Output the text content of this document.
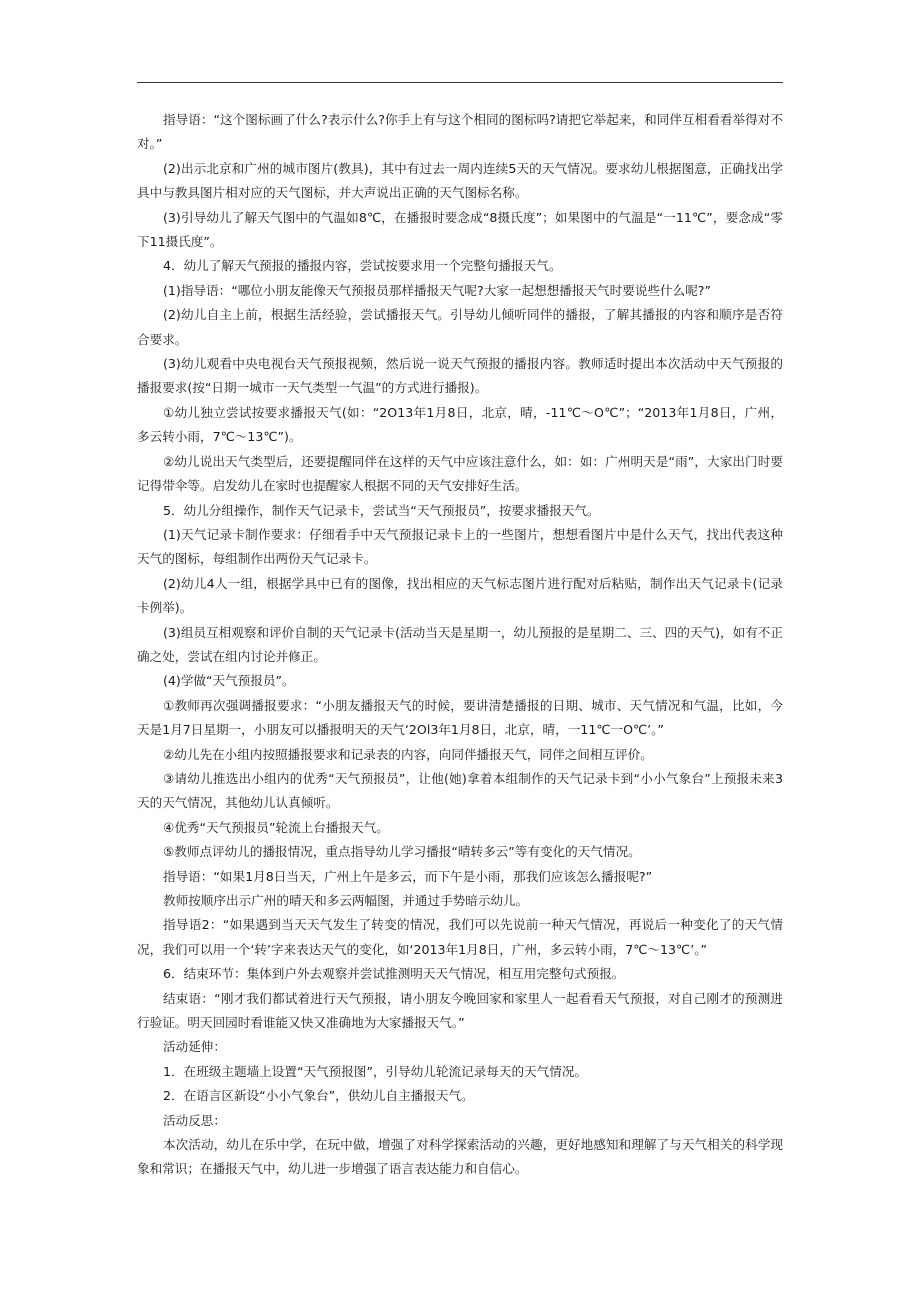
指导语：“这个图标画了什么?表示什么?你手上有与这个相同的图标吗?请把它举起来，和同伴互相看看举得对不对。”

(2)出示北京和广州的城市图片(教具)，其中有过去一周内连续5天的天气情况。要求幼儿根据图意，正确找出学具中与教具图片相对应的天气图标，并大声说出正确的天气图标名称。

(3)引导幼儿了解天气图中的气温如8℃，在播报时要念成“8摄氏度”；如果图中的气温是“一11℃”，要念成“零下11摄氏度”。

4．幼儿了解天气预报的播报内容，尝试按要求用一个完整句播报天气。

(1)指导语：“哪位小朋友能像天气预报员那样播报天气呢?大家一起想想播报天气时要说些什么呢?”

(2)幼儿自主上前，根据生活经验，尝试播报天气。引导幼儿倾听同伴的播报，了解其播报的内容和顺序是否符合要求。

(3)幼儿观看中央电视台天气预报视频，然后说一说天气预报的播报内容。教师适时提出本次活动中天气预报的播报要求(按“日期一城市一天气类型一气温”的方式进行播报)。

①幼儿独立尝试按要求播报天气(如：“2O13年1月8日，北京，晴，-11℃～O℃”；“2013年1月8日，广州，多云转小雨，7℃～13℃”)。

②幼儿说出天气类型后，还要提醒同伴在这样的天气中应该注意什么，如：如：广州明天是“雨”，大家出门时要记得带伞等。启发幼儿在家时也提醒家人根据不同的天气安排好生活。

5．幼儿分组操作，制作天气记录卡，尝试当“天气预报员”，按要求播报天气。

(1)天气记录卡制作要求：仔细看手中天气预报记录卡上的一些图片，想想看图片中是什么天气，找出代表这种天气的图标，每组制作出两份天气记录卡。

(2)幼儿4人一组，根据学具中已有的图像，找出相应的天气标志图片进行配对后粘贴，制作出天气记录卡(记录卡例举)。

(3)组员互相观察和评价自制的天气记录卡(活动当天是星期一，幼儿预报的是星期二、三、四的天气)，如有不正确之处，尝试在组内讨论并修正。

(4)学做“天气预报员”。

①教师再次强调播报要求：“小朋友播报天气的时候，要讲清楚播报的日期、城市、天气情况和气温，比如，今天是1月7日星期一，小朋友可以播报明天的天气‘2Ol3年1月8日，北京，晴，一11℃一O℃’。”

②幼儿先在小组内按照播报要求和记录表的内容，向同伴播报天气，同伴之间相互评价。

③请幼儿推选出小组内的优秀“天气预报员”，让他(她)拿着本组制作的天气记录卡到“小小气象台”上预报未来3天的天气情况，其他幼儿认真倾听。

④优秀“天气预报员”轮流上台播报天气。

⑤教师点评幼儿的播报情况，重点指导幼儿学习播报“晴转多云”等有变化的天气情况。

指导语：“如果1月8日当天，广州上午是多云，而下午是小雨，那我们应该怎么播报呢?”

教师按顺序出示广州的晴天和多云两幅图，并通过手势暗示幼儿。

指导语2：“如果遇到当天天气发生了转变的情况，我们可以先说前一种天气情况，再说后一种变化了的天气情况，我们可以用一个‘转’字来表达天气的变化，如‘2013年1月8日，广州，多云转小雨，7℃～13℃’。”

6．结束环节：集体到户外去观察并尝试推测明天天气情况，相互用完整句式预报。

结束语：“刚才我们都试着进行天气预报，请小朋友今晚回家和家里人一起看看天气预报，对自己刚才的预测进行验证。明天回园时看谁能又快又准确地为大家播报天气。”

活动延伸：

1．在班级主题墙上设置“天气预报图”，引导幼儿轮流记录每天的天气情况。

2．在语言区新设“小小气象台”，供幼儿自主播报天气。

活动反思：

本次活动，幼儿在乐中学，在玩中做，增强了对科学探索活动的兴趣，更好地感知和理解了与天气相关的科学现象和常识；在播报天气中，幼儿进一步增强了语言表达能力和自信心。
